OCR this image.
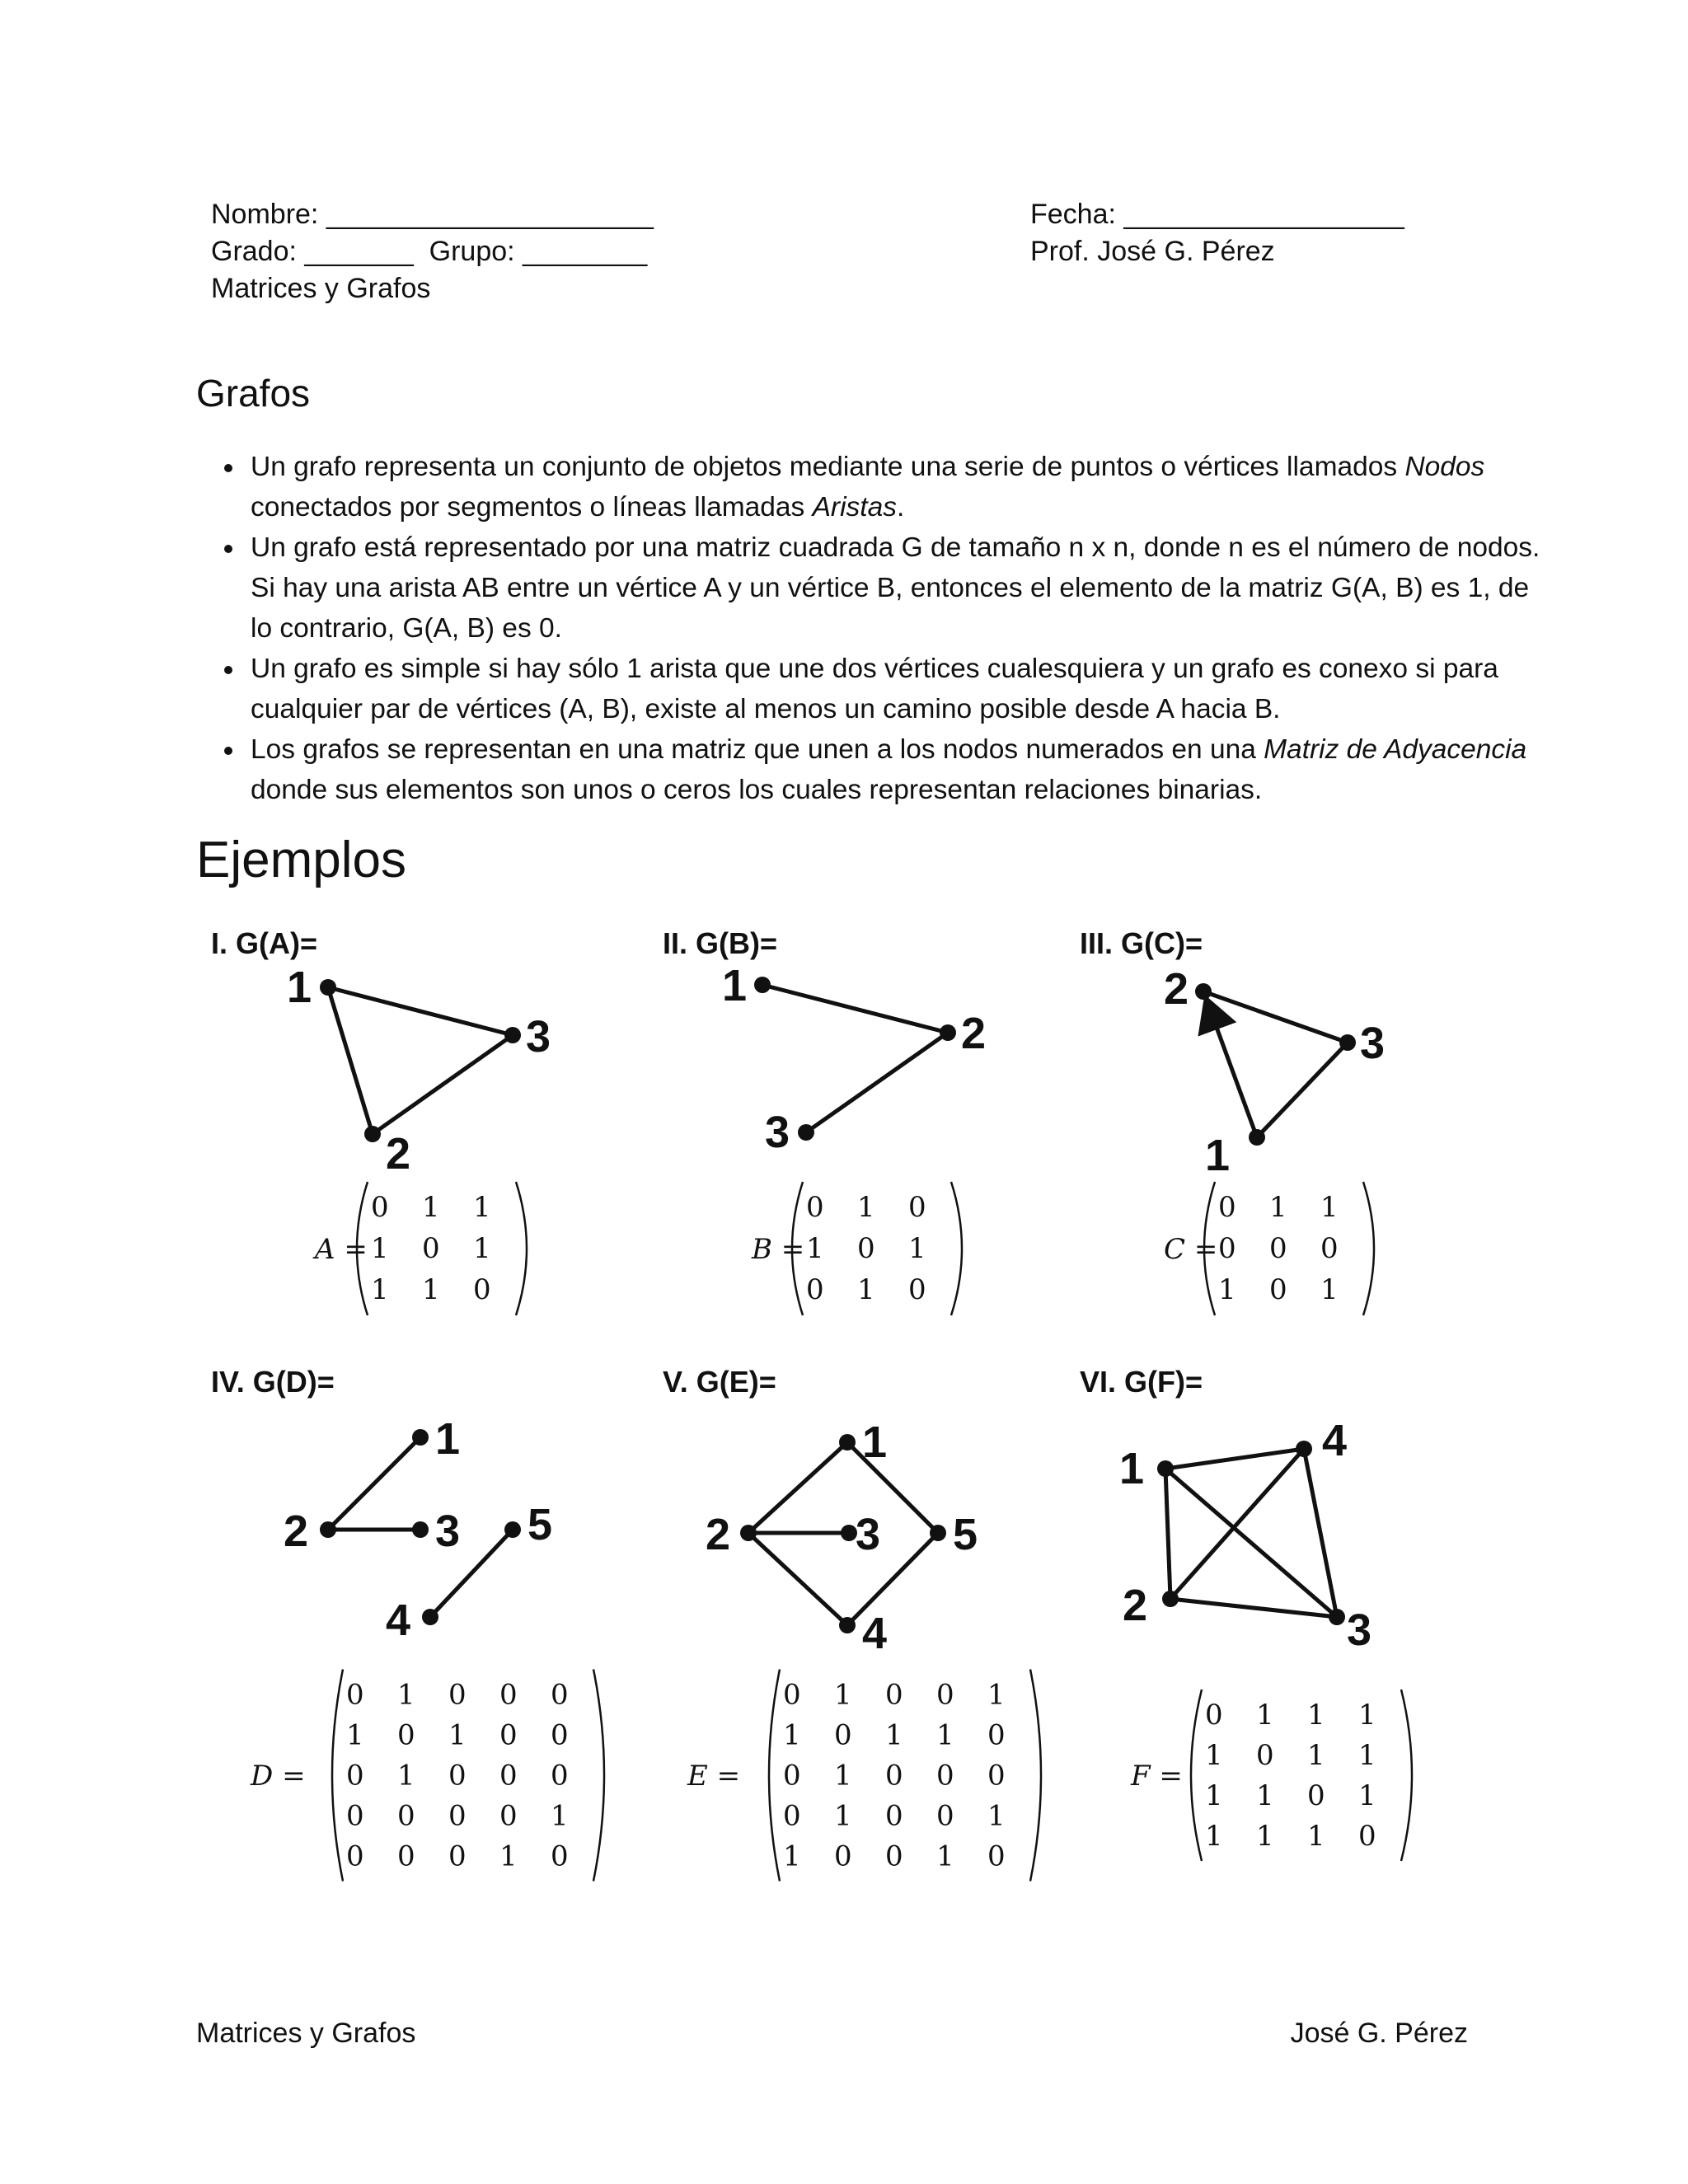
Nombre: _____________________
Grado: _______  Grupo: ________
Matrices y Grafos
Fecha: __________________
Prof. José G. Pérez
Grafos
• Un grafo representa un conjunto de objetos mediante una serie de puntos o vértices llamados Nodos conectados por segmentos o líneas llamadas Aristas.
• Un grafo está representado por una matriz cuadrada G de tamaño n x n, donde n es el número de nodos. Si hay una arista AB entre un vértice A y un vértice B, entonces el elemento de la matriz G(A, B) es 1, de lo contrario, G(A, B) es 0.
• Un grafo es simple si hay sólo 1 arista que une dos vértices cualesquiera y un grafo es conexo si para cualquier par de vértices (A, B), existe al menos un camino posible desde A hacia B.
• Los grafos se representan en una matriz que unen a los nodos numerados en una Matriz de Adyacencia donde sus elementos son unos o ceros los cuales representan relaciones binarias.
Ejemplos
I. G(A)=	II. G(B)=	III. G(C)=
IV. G(D)=	V. G(E)=	VI. G(F)=
1
2
3
A =
0 1 1
1 0 1
1 1 0
1
2
3
B =
0 1 0
1 0 1
0 1 0
1
2
3
C =
0 1 1
0 0 0
1 0 1
1
2	3
4
5
D =
0 1 0 0 0
1 0 1 0 0
0 1 0 0 0
0 0 0 0 1
0 0 0 1 0
1
2	3
4
5
E =
0 1 0 0 1
1 0 1 1 0
0 1 0 0 0
0 1 0 0 1
1 0 0 1 0
1
2	3
4
F =
0 1 1 1
1 0 1 1
1 1 0 1
1 1 1 0
Matrices y Grafos	José G. Pérez
